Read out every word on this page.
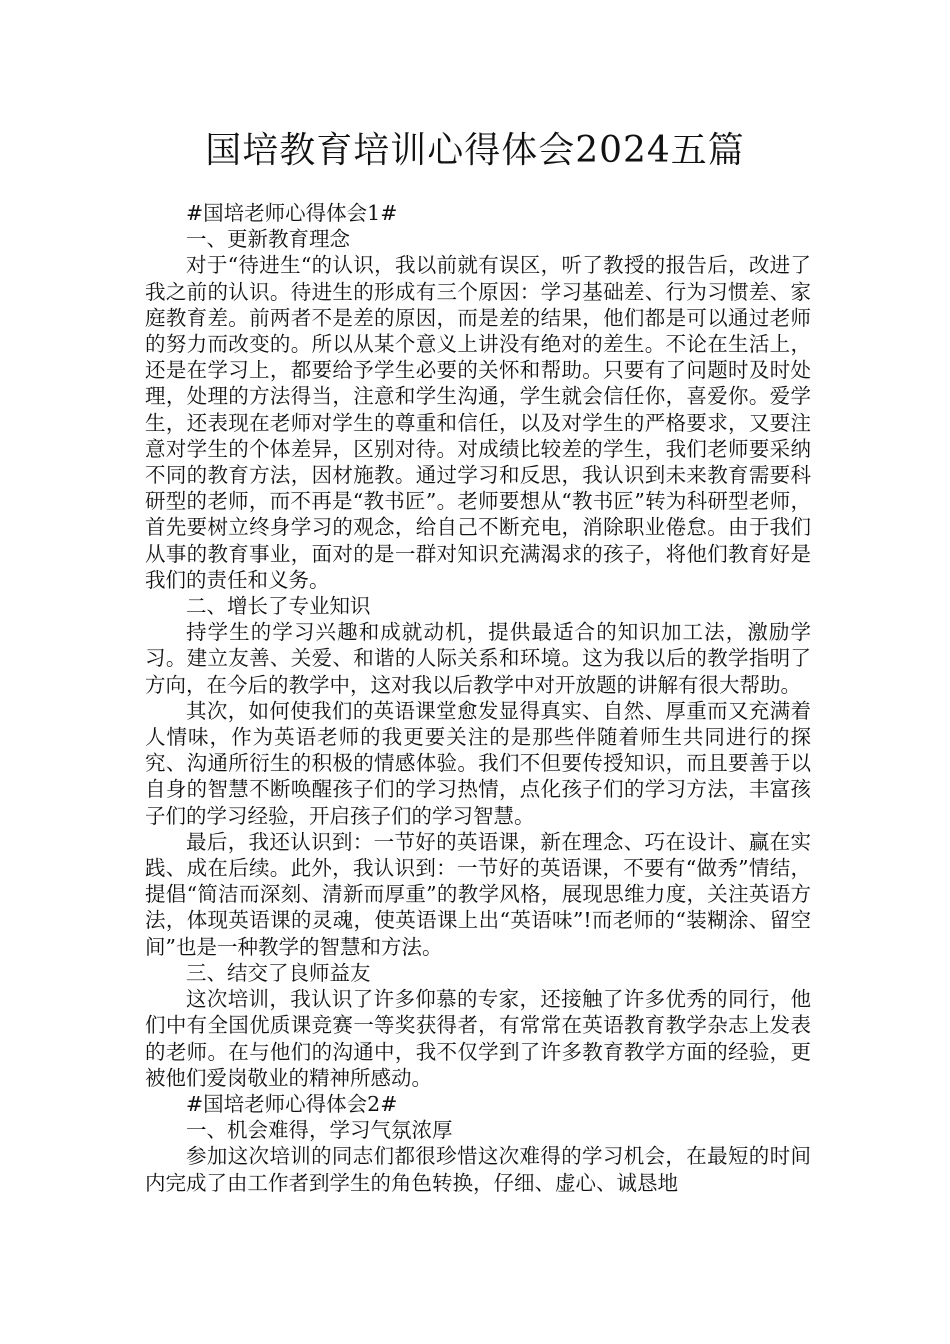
国培教育培训心得体会2024五篇

#国培老师心得体会1#

一、更新教育理念

对于“待进生“的认识，我以前就有误区，听了教授的报告后，改进了我之前的认识。待进生的形成有三个原因：学习基础差、行为习惯差、家庭教育差。前两者不是差的原因，而是差的结果，他们都是可以通过老师的努力而改变的。所以从某个意义上讲没有绝对的差生。不论在生活上，还是在学习上，都要给予学生必要的关怀和帮助。只要有了问题时及时处理，处理的方法得当，注意和学生沟通，学生就会信任你，喜爱你。爱学生，还表现在老师对学生的尊重和信任，以及对学生的严格要求，又要注意对学生的个体差异，区别对待。对成绩比较差的学生，我们老师要采纳不同的教育方法，因材施教。通过学习和反思，我认识到未来教育需要科研型的老师，而不再是“教书匠”。老师要想从“教书匠”转为科研型老师，首先要树立终身学习的观念，给自己不断充电，消除职业倦怠。由于我们从事的教育事业，面对的是一群对知识充满渴求的孩子，将他们教育好是我们的责任和义务。

二、增长了专业知识

持学生的学习兴趣和成就动机，提供最适合的知识加工法，激励学习。建立友善、关爱、和谐的人际关系和环境。这为我以后的教学指明了方向，在今后的教学中，这对我以后教学中对开放题的讲解有很大帮助。

其次，如何使我们的英语课堂愈发显得真实、自然、厚重而又充满着人情味，作为英语老师的我更要关注的是那些伴随着师生共同进行的探究、沟通所衍生的积极的情感体验。我们不但要传授知识，而且要善于以自身的智慧不断唤醒孩子们的学习热情，点化孩子们的学习方法，丰富孩子们的学习经验，开启孩子们的学习智慧。

最后，我还认识到：一节好的英语课，新在理念、巧在设计、赢在实践、成在后续。此外，我认识到：一节好的英语课，不要有“做秀”情结，提倡“简洁而深刻、清新而厚重”的教学风格，展现思维力度，关注英语方法，体现英语课的灵魂，使英语课上出“英语味”!而老师的“装糊涂、留空间”也是一种教学的智慧和方法。

三、结交了良师益友

这次培训，我认识了许多仰慕的专家，还接触了许多优秀的同行，他们中有全国优质课竞赛一等奖获得者，有常常在英语教育教学杂志上发表的老师。在与他们的沟通中，我不仅学到了许多教育教学方面的经验，更被他们爱岗敬业的精神所感动。

#国培老师心得体会2#

一、机会难得，学习气氛浓厚

参加这次培训的同志们都很珍惜这次难得的学习机会，在最短的时间内完成了由工作者到学生的角色转换，仔细、虚心、诚恳地
